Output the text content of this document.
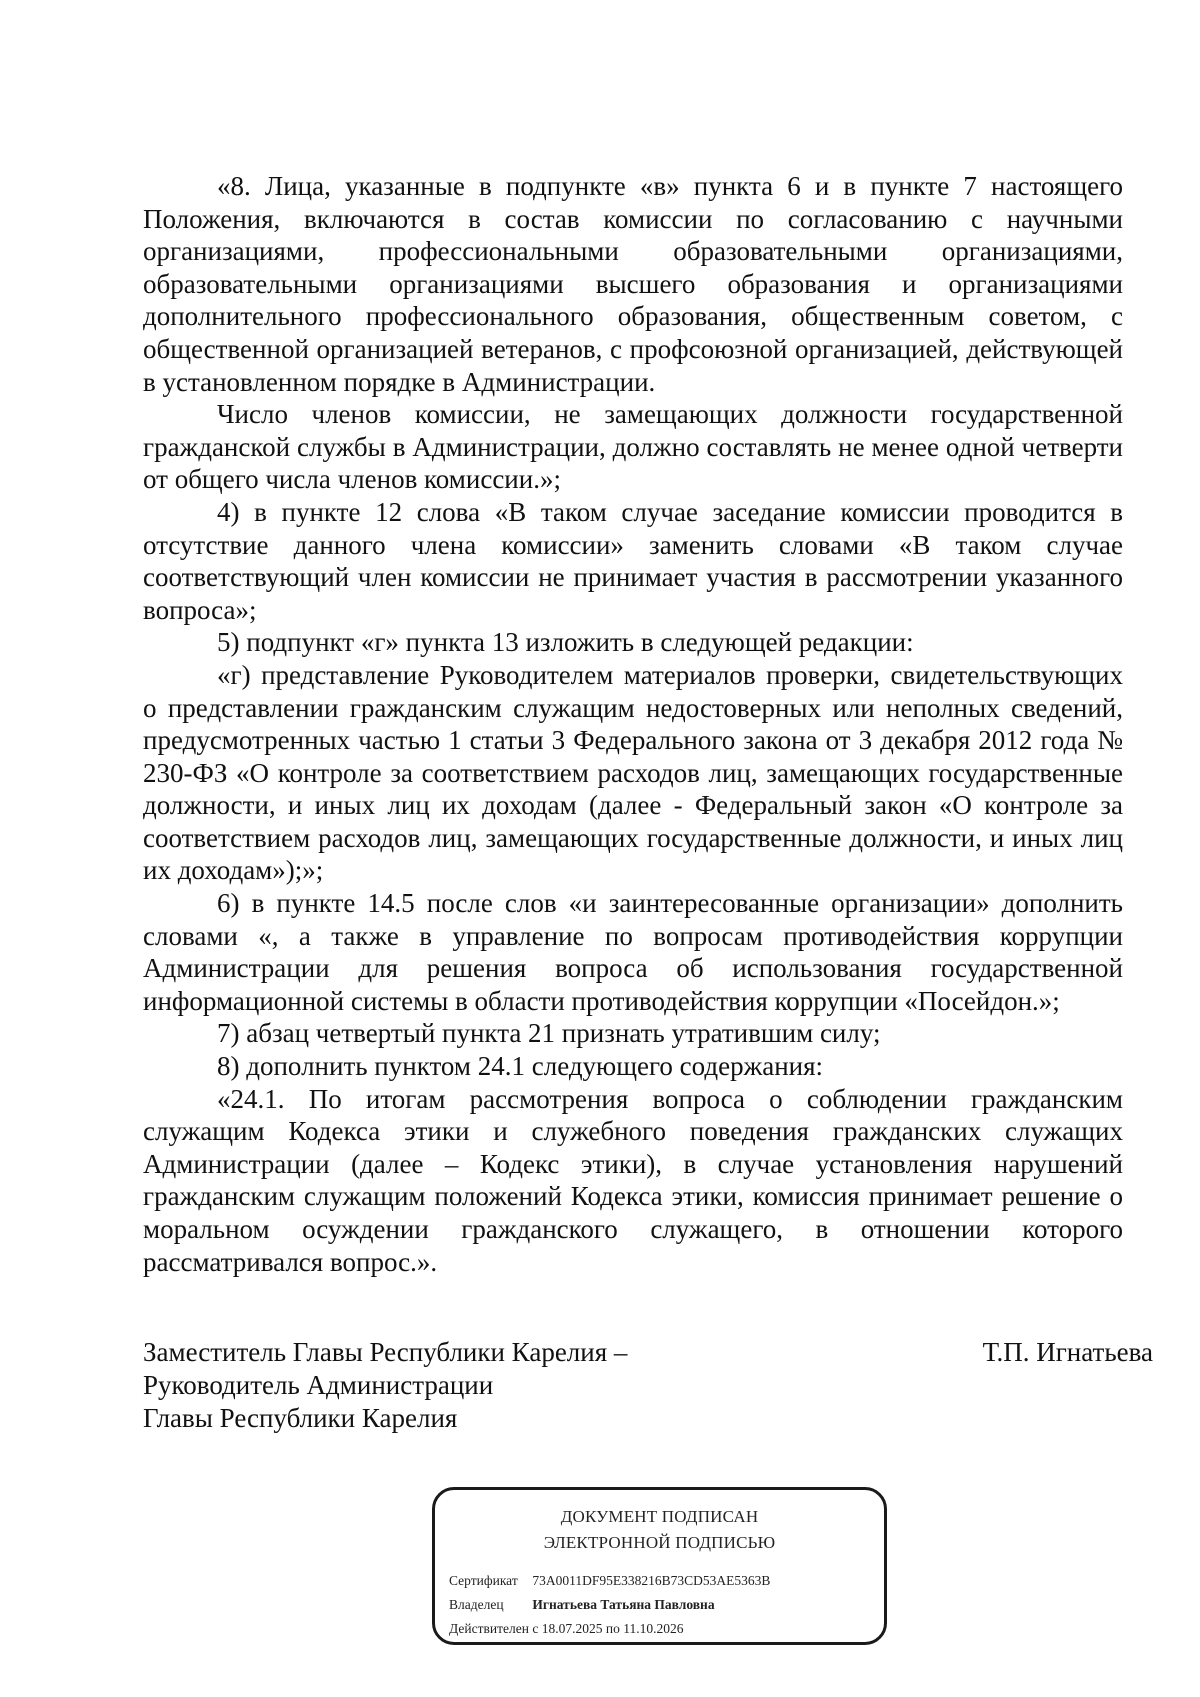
«8. Лица, указанные в подпункте «в» пункта 6 и в пункте 7 настоящего Положения, включаются в состав комиссии по согласованию с научными организациями, профессиональными образовательными организациями, образовательными организациями высшего образования и организациями дополнительного профессионального образования, общественным советом, с общественной организацией ветеранов, с профсоюзной организацией, действующей в установленном порядке в Администрации.

Число членов комиссии, не замещающих должности государственной гражданской службы в Администрации, должно составлять не менее одной четверти от общего числа членов комиссии.»;

4) в пункте 12 слова «В таком случае заседание комиссии проводится в отсутствие данного члена комиссии» заменить словами «В таком случае соответствующий член комиссии не принимает участия в рассмотрении указанного вопроса»;

5) подпункт «г» пункта 13 изложить в следующей редакции:

«г) представление Руководителем материалов проверки, свидетельствующих о представлении гражданским служащим недостоверных или неполных сведений, предусмотренных частью 1 статьи 3 Федерального закона от 3 декабря 2012 года № 230-ФЗ «О контроле за соответствием расходов лиц, замещающих государственные должности, и иных лиц их доходам (далее - Федеральный закон «О контроле за соответствием расходов лиц, замещающих государственные должности, и иных лиц их доходам»);»;

6) в пункте 14.5 после слов «и заинтересованные организации» дополнить словами «, а также в управление по вопросам противодействия коррупции Администрации для решения вопроса об использования государственной информационной системы в области противодействия коррупции «Посейдон.»;

7) абзац четвертый пункта 21 признать утратившим силу;

8) дополнить пунктом 24.1 следующего содержания:

«24.1. По итогам рассмотрения вопроса о соблюдении гражданским служащим Кодекса этики и служебного поведения гражданских служащих Администрации (далее – Кодекс этики), в случае установления нарушений гражданским служащим положений Кодекса этики, комиссия принимает решение о моральном осуждении гражданского служащего, в отношении которого рассматривался вопрос.».

Заместитель Главы Республики Карелия –
Руководитель Администрации
Главы Республики Карелия
Т.П. Игнатьева
ДОКУМЕНТ ПОДПИСАН
ЭЛЕКТРОННОЙ ПОДПИСЬЮ
Сертификат 73A0011DF95E338216B73CD53AE5363B
Владелец Игнатьева Татьяна Павловна
Действителен с 18.07.2025 по 11.10.2026
